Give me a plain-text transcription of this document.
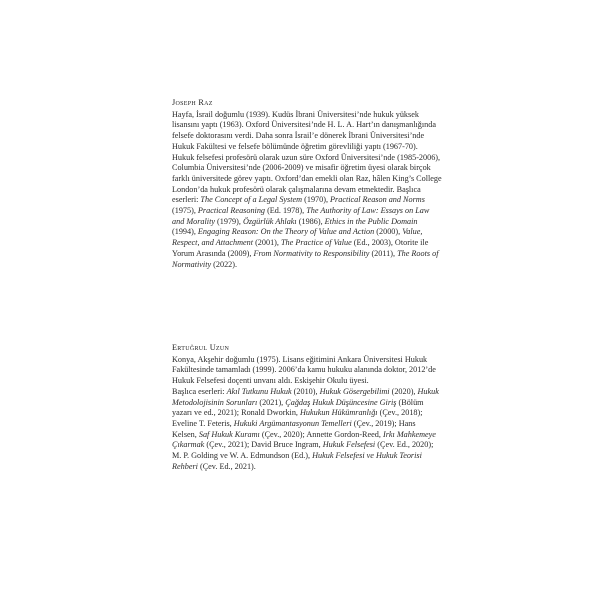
Joseph Raz
Hayfa, İsrail doğumlu (1939). Kudüs İbrani Üniversitesi’nde hukuk yüksek lisansını yaptı (1963). Oxford Üniversitesi’nde H. L. A. Hart’ın danışmanlığında felsefe doktorasını verdi. Daha sonra İsrail’e dönerek İbrani Üniversitesi’nde Hukuk Fakültesi ve felsefe bölümünde öğretim görevliliği yaptı (1967-70). Hukuk felsefesi profesörü olarak uzun süre Oxford Üniversitesi’nde (1985-2006), Columbia Üniversitesi’nde (2006-2009) ve misafir öğretim üyesi olarak birçok farklı üniversitede görev yaptı. Oxford’dan emekli olan Raz, hâlen King’s College London’da hukuk profesörü olarak çalışmalarına devam etmektedir. Başlıca eserleri: The Concept of a Legal System (1970), Practical Reason and Norms (1975), Practical Reasoning (Ed. 1978), The Authority of Law: Essays on Law and Morality (1979), Özgürlük Ahlakı (1986), Ethics in the Public Domain (1994), Engaging Reason: On the Theory of Value and Action (2000), Value, Respect, and Attachment (2001), The Practice of Value (Ed., 2003), Otorite ile Yorum Arasında (2009), From Normativity to Responsibility (2011), The Roots of Normativity (2022).
Ertuğrul Uzun
Konya, Akşehir doğumlu (1975). Lisans eğitimini Ankara Üniversitesi Hukuk Fakültesinde tamamladı (1999). 2006’da kamu hukuku alanında doktor, 2012’de Hukuk Felsefesi doçenti unvanı aldı. Eskişehir Okulu üyesi.
Başlıca eserleri: Akıl Tutkunu Hukuk (2010), Hukuk Gösergebilimi (2020), Hukuk Metodolojisinin Sorunları (2021), Çağdaş Hukuk Düşüncesine Giriş (Bölüm yazarı ve ed., 2021); Ronald Dworkin, Hukukun Hükümranlığı (Çev., 2018); Eveline T. Feteris, Hukuki Argümantasyonun Temelleri (Çev., 2019); Hans Kelsen, Saf Hukuk Kuramı (Çev., 2020); Annette Gordon-Reed, Irkı Mahkemeye Çıkarmak (Çev., 2021); David Bruce Ingram, Hukuk Felsefesi (Çev. Ed., 2020); M. P. Golding ve W. A. Edmundson (Ed.), Hukuk Felsefesi ve Hukuk Teorisi Rehberi (Çev. Ed., 2021).
